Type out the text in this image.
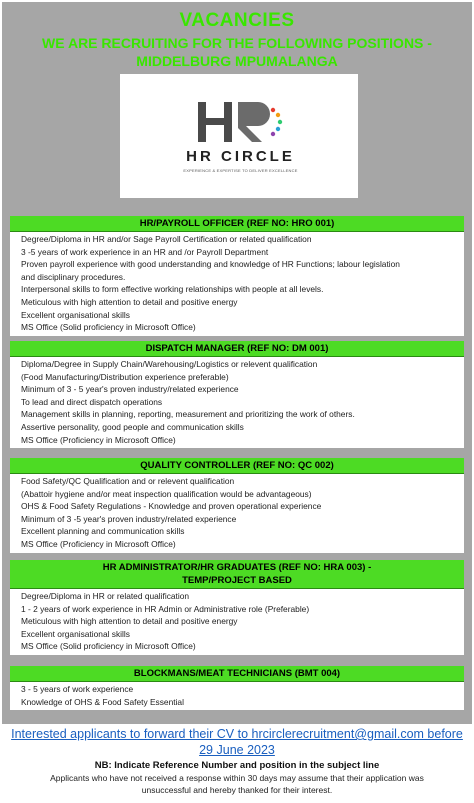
VACANCIES
WE ARE RECRUITING FOR THE FOLLOWING POSITIONS -
MIDDELBURG MPUMALANGA
HR CIRCLE
EXPERIENCE & EXPERTISE TO DELIVER EXCELLENCE
HR/PAYROLL OFFICER (REF NO: HRO 001)
Degree/Diploma in HR and/or Sage Payroll Certification or related qualification
3 -5 years of work experience in an HR and /or Payroll Department
Proven payroll experience with good understanding and knowledge of HR Functions; labour legislation
and disciplinary procedures.
Interpersonal skills to form effective working relationships with people at all levels.
Meticulous with high attention to detail and positive energy
Excellent organisational skills
MS Office (Solid proficiency in Microsoft Office)
DISPATCH MANAGER (REF NO: DM 001)
Diploma/Degree in Supply Chain/Warehousing/Logistics or relevent qualification
(Food Manufacturing/Distribution experience preferable)
Minimum of 3 - 5 year's proven industry/related experience
To lead and direct dispatch operations
Management skills in planning, reporting, measurement and prioritizing the work of others.
Assertive personality, good people and communication skills
MS Office (Proficiency in Microsoft Office)
QUALITY CONTROLLER (REF NO: QC 002)
Food Safety/QC Qualification and or relevent qualification
(Abattoir hygiene and/or meat inspection qualification would be advantageous)
OHS & Food Safety Regulations - Knowledge and proven operational experience
Minimum of 3 -5 year's proven industry/related experience
Excellent planning and communication skills
MS Office (Proficiency in Microsoft Office)
HR ADMINISTRATOR/HR GRADUATES (REF NO: HRA 003) -
TEMP/PROJECT BASED
Degree/Diploma in HR or related qualification
1 - 2 years of work experience in HR Admin or Administrative role (Preferable)
Meticulous with high attention to detail and positive energy
Excellent organisational skills
MS Office (Solid proficiency in Microsoft Office)
BLOCKMANS/MEAT TECHNICIANS (BMT 004)
3 - 5 years of work experience
Knowledge of OHS & Food Safety Essential
Interested applicants to forward their CV to hrcirclerecruitment@gmail.com before
29 June 2023
NB: Indicate Reference Number and position in the subject line
Applicants who have not received a response within 30 days may assume that their application was
unsuccessful and hereby thanked for their interest.
